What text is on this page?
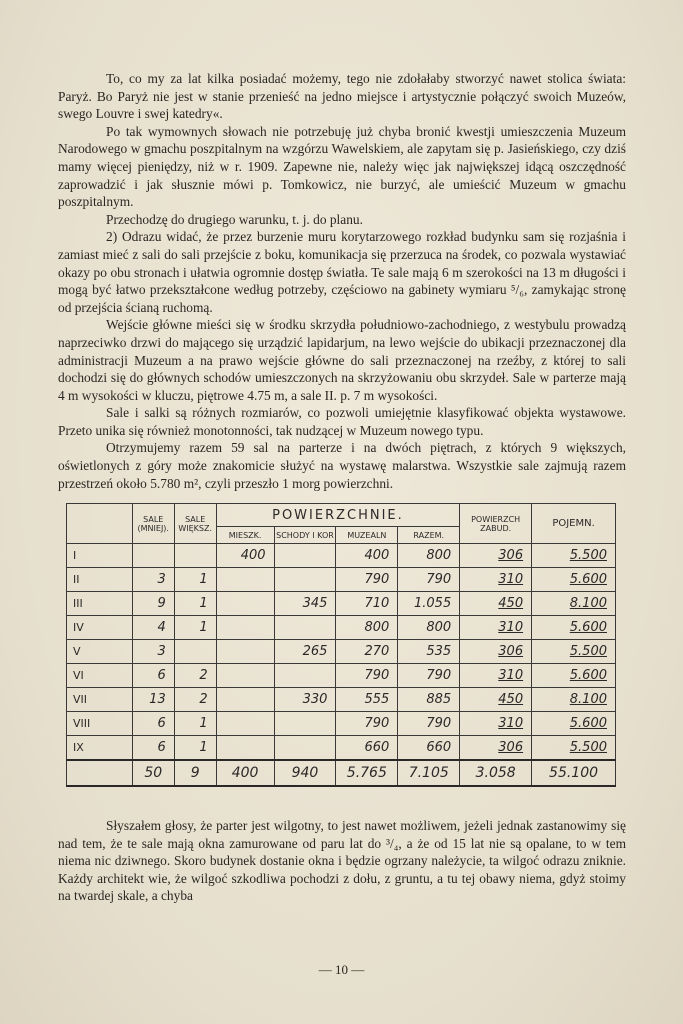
To, co my za lat kilka posiadać możemy, tego nie zdołałaby stworzyć nawet stolica świata: Paryż. Bo Paryż nie jest w stanie przenieść na jedno miejsce i artystycznie połączyć swoich Muzeów, swego Louvre i swej katedry«.

Po tak wymownych słowach nie potrzebuję już chyba bronić kwestji umieszczenia Muzeum Narodowego w gmachu poszpitalnym na wzgórzu Wawelskiem, ale zapytam się p. Jasieńskiego, czy dziś mamy więcej pieniędzy, niż w r. 1909. Zapewne nie, należy więc jak największej idącą oszczędność zaprowadzić i jak słusznie mówi p. Tomkowicz, nie burzyć, ale umieścić Muzeum w gmachu poszpitalnym.

Przechodzę do drugiego warunku, t. j. do planu.

2) Odrazu widać, że przez burzenie muru korytarzowego rozkład budynku sam się rozjaśnia i zamiast mieć z sali do sali przejście z boku, komunikacja się przerzuca na środek, co pozwala wystawiać okazy po obu stronach i ułatwia ogromnie dostęp światła. Te sale mają 6 m szerokości na 13 m długości i mogą być łatwo przekształcone według potrzeby, częściowo na gabinety wymiaru ⁵/₆, zamykając stronę od przejścia ścianą ruchomą.

Wejście główne mieści się w środku skrzydła południowo-zachodniego, z westybulu prowadzą naprzeciwko drzwi do mającego się urządzić lapidarjum, na lewo wejście do ubikacji przeznaczonej dla administracji Muzeum a na prawo wejście główne do sali przeznaczonej na rzeźby, z której to sali dochodzi się do głównych schodów umieszczonych na skrzyżowaniu obu skrzydeł. Sale w parterze mają 4 m wysokości w kluczu, piętrowe 4.75 m, a sale II. p. 7 m wysokości.

Sale i salki są różnych rozmiarów, co pozwoli umiejętnie klasyfikować objekta wystawowe. Przeto unika się również monotonności, tak nudzącej w Muzeum nowego typu.

Otrzymujemy razem 59 sal na parterze i na dwóch piętrach, z których 9 większych, oświetlonych z góry może znakomicie służyć na wystawę malarstwa. Wszystkie sale zajmują razem przestrzeń około 5.780 m², czyli przeszło 1 morg powierzchni.

	SALE (MNIEJ).	SALE WIĘKSZ.	POWIERZCHNIE.				POWIERZCH ZABUD.	POJEMN.
			MIESZK.	SCHODY I KOR	MUZEALN	RAZEM.		
I			400		400	800	306	5.500
II	3	1			790	790	310	5.600
III	9	1		345	710	1.055	450	8.100
IV	4	1			800	800	310	5.600
V	3			265	270	535	306	5.500
VI	6	2			790	790	310	5.600
VII	13	2		330	555	885	450	8.100
VIII	6	1			790	790	310	5.600
IX	6	1			660	660	306	5.500
	50	9	400	940	5.765	7.105	3.058	55.100

Słyszałem głosy, że parter jest wilgotny, to jest nawet możliwem, jeżeli jednak zastanowimy się nad tem, że te sale mają okna zamurowane od paru lat do ³/₄, a że od 15 lat nie są opalane, to w tem niema nic dziwnego. Skoro budynek dostanie okna i będzie ogrzany należycie, ta wilgoć odrazu zniknie. Każdy architekt wie, że wilgoć szkodliwa pochodzi z dołu, z gruntu, a tu tej obawy niema, gdyż stoimy na twardej skale, a chyba

— 10 —
